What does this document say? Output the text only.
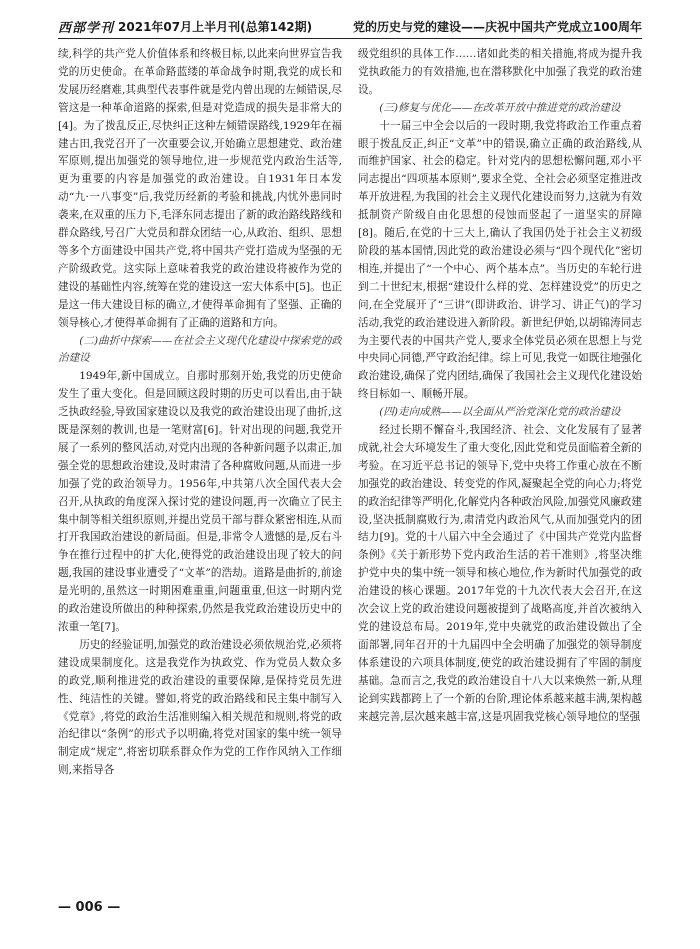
西部学刊 2021年07月上半月刊(总第142期)	党的历史与党的建设——庆祝中国共产党成立100周年

续,科学的共产党人价值体系和终极目标,以此来向世界宣告我党的历史使命。在革命路蓝缕的革命战争时期,我党的成长和发展历经磨难,其典型代表事件就是党内曾出现的左倾错误,尽管这是一种革命道路的探索,但是对党造成的损失是非常大的[4]。为了拨乱反正,尽快纠正这种左倾错误路线,1929年在福建古田,我党召开了一次重要会议,开始确立思想建党、政治建军原则,提出加强党的领导地位,进一步规范党内政治生活等,更为重要的内容是加强党的政治建设。自1931年日本发动“九·一八事变”后,我党历经新的考验和挑战,内忧外患同时袭来,在双重的压力下,毛泽东同志提出了新的政治路线路线和群众路线,号召广大党员和群众团结一心,从政治、组织、思想等多个方面建设中国共产党,将中国共产党打造成为坚强的无产阶级政党。这实际上意味着我党的政治建设将被作为党的建设的基础性内容,统筹在党的建设这一宏大体系中[5]。也正是这一伟大建设目标的确立,才使得革命拥有了坚强、正确的领导核心,才使得革命拥有了正确的道路和方向。

(二)曲折中探索——在社会主义现代化建设中探索党的政治建设

1949年,新中国成立。自那时那刻开始,我党的历史使命发生了重大变化。但是回顾这段时期的历史可以看出,由于缺乏执政经验,导致国家建设以及我党的政治建设出现了曲折,这既是深刻的教训,也是一笔财富[6]。针对出现的问题,我党开展了一系列的整风活动,对党内出现的各种新问题予以肃正,加强全党的思想政治建设,及时肃清了各种腐败问题,从而进一步加强了党的政治领导力。1956年,中共第八次全国代表大会召开,从执政的角度深入探讨党的建设问题,再一次确立了民主集中制等相关组织原则,并提出党员干部与群众紧密相连,从而打开我国政治建设的新局面。但是,非常令人遗憾的是,反右斗争在推行过程中的扩大化,使得党的政治建设出现了较大的问题,我国的建设事业遭受了“文革”的浩劫。道路是曲折的,前途是光明的,虽然这一时期困难重重,问题重重,但这一时期内党的政治建设所做出的种种探索,仍然是我党政治建设历史中的浓重一笔[7]。

历史的经验证明,加强党的政治建设必须依规治党,必须将建设成果制度化。这是我党作为执政党、作为党员人数众多的政党,顺利推进党的政治建设的重要保障,是保持党员先进性、纯洁性的关键。譬如,将党的政治路线和民主集中制写入《党章》,将党的政治生活准则编入相关规范和规则,将党的政治纪律以“条例”的形式予以明确,将党对国家的集中统一领导制定成“规定”,将密切联系群众作为党的工作作风纳入工作细则,来指导各

级党组织的具体工作……诸如此类的相关措施,将成为提升我党执政能力的有效措施,也在潜移默化中加强了我党的政治建设。

(三)修复与优化——在改革开放中推进党的政治建设

十一届三中全会以后的一段时期,我党将政治工作重点着眼于拨乱反正,纠正“文革”中的错误,确立正确的政治路线,从而维护国家、社会的稳定。针对党内的思想松懈问题,邓小平同志提出“四项基本原则”,要求全党、全社会必须坚定推进改革开放进程,为我国的社会主义现代化建设而努力,这就为有效抵制资产阶级自由化思想的侵蚀而竖起了一道坚实的屏障[8]。随后,在党的十三大上,确认了我国仍处于社会主义初级阶段的基本国情,因此党的政治建设必须与“四个现代化”密切相连,并提出了“一个中心、两个基本点”。当历史的车轮行进到二十世纪末,根据“建设什么样的党、怎样建设党”的历史之问,在全党展开了“三讲”(即讲政治、讲学习、讲正气)的学习活动,我党的政治建设进入新阶段。新世纪伊始,以胡锦涛同志为主要代表的中国共产党人,要求全体党员必须在思想上与党中央同心同德,严守政治纪律。综上可见,我党一如既往地强化政治建设,确保了党内团结,确保了我国社会主义现代化建设始终目标如一、顺畅开展。

(四)走向成熟——以全面从严治党深化党的政治建设

经过长期不懈奋斗,我国经济、社会、文化发展有了显著成就,社会大环境发生了重大变化,因此党和党员面临着全新的考验。在习近平总书记的领导下,党中央将工作重心放在不断加强党的政治建设、转变党的作风,凝聚起全党的向心力;将党的政治纪律等严明化,化解党内各种政治风险,加强党风廉政建设,坚决抵制腐败行为,肃清党内政治风气,从而加强党内的团结力[9]。党的十八届六中全会通过了《中国共产党党内监督条例》《关于新形势下党内政治生活的若干准则》,将坚决维护党中央的集中统一领导和核心地位,作为新时代加强党的政治建设的核心课题。2017年党的十九次代表大会召开,在这次会议上党的政治建设问题被提到了战略高度,并首次被纳入党的建设总布局。2019年,党中央就党的政治建设做出了全面部署,同年召开的十九届四中全会明确了加强党的领导制度体系建设的六项具体制度,使党的政治建设拥有了牢固的制度基础。急而言之,我党的政治建设自十八大以来焕然一新,从理论到实践都跨上了一个新的台阶,理论体系越来越丰满,架构越来越完善,层次越来越丰富,这是巩固我党核心领导地位的坚强

— 006 —
